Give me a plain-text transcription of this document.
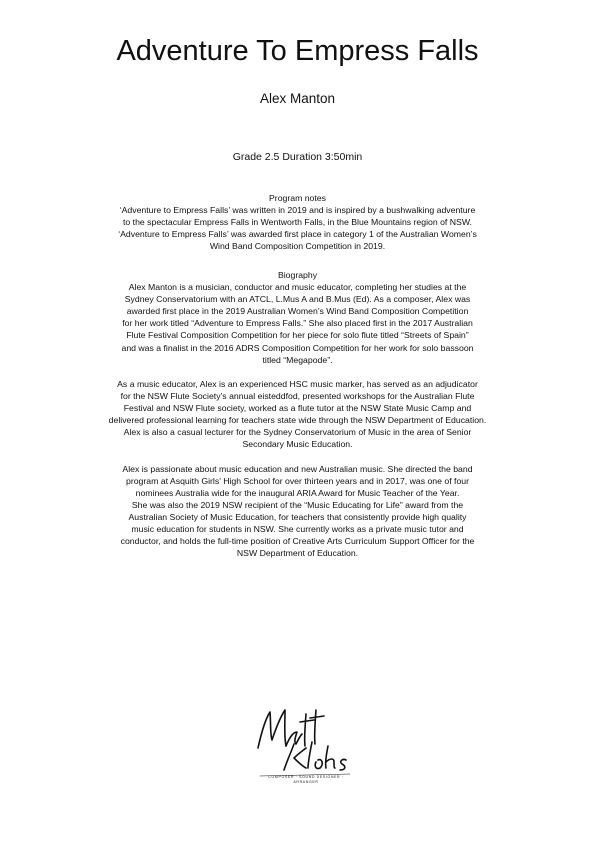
Adventure To Empress Falls
Alex Manton
Grade 2.5 Duration 3:50min

Program notes

‘Adventure to Empress Falls’ was written in 2019 and is inspired by a bushwalking adventure

to the spectacular Empress Falls in Wentworth Falls, in the Blue Mountains region of NSW.

‘Adventure to Empress Falls’ was awarded first place in category 1 of the Australian Women’s

Wind Band Composition Competition in 2019.

Biography

Alex Manton is a musician, conductor and music educator, completing her studies at the

Sydney Conservatorium with an ATCL, L.Mus A and B.Mus (Ed). As a composer, Alex was

awarded first place in the 2019 Australian Women’s Wind Band Composition Competition

for her work titled “Adventure to Empress Falls.” She also placed first in the 2017 Australian

Flute Festival Composition Competition for her piece for solo flute titled “Streets of Spain”

and was a finalist in the 2016 ADRS Composition Competition for her work for solo bassoon

titled “Megapode”.

As a music educator, Alex is an experienced HSC music marker, has served as an adjudicator

for the NSW Flute Society’s annual eisteddfod, presented workshops for the Australian Flute

Festival and NSW Flute society, worked as a flute tutor at the NSW State Music Camp and

delivered professional learning for teachers state wide through the NSW Department of Education.

Alex is also a casual lecturer for the Sydney Conservatorium of Music in the area of Senior

Secondary Music Education.

Alex is passionate about music education and new Australian music. She directed the band

program at Asquith Girls’ High School for over thirteen years and in 2017, was one of four

nominees Australia wide for the inaugural ARIA Award for Music Teacher of the Year.

She was also the 2019 NSW recipient of the “Music Educating for Life” award from the

Australian Society of Music Education, for teachers that consistently provide high quality

music education for students in NSW. She currently works as a private music tutor and

conductor, and holds the full-time position of Creative Arts Curriculum Support Officer for the

NSW Department of Education.

COMPOSER · SOUND DESIGNER · ARRANGER
